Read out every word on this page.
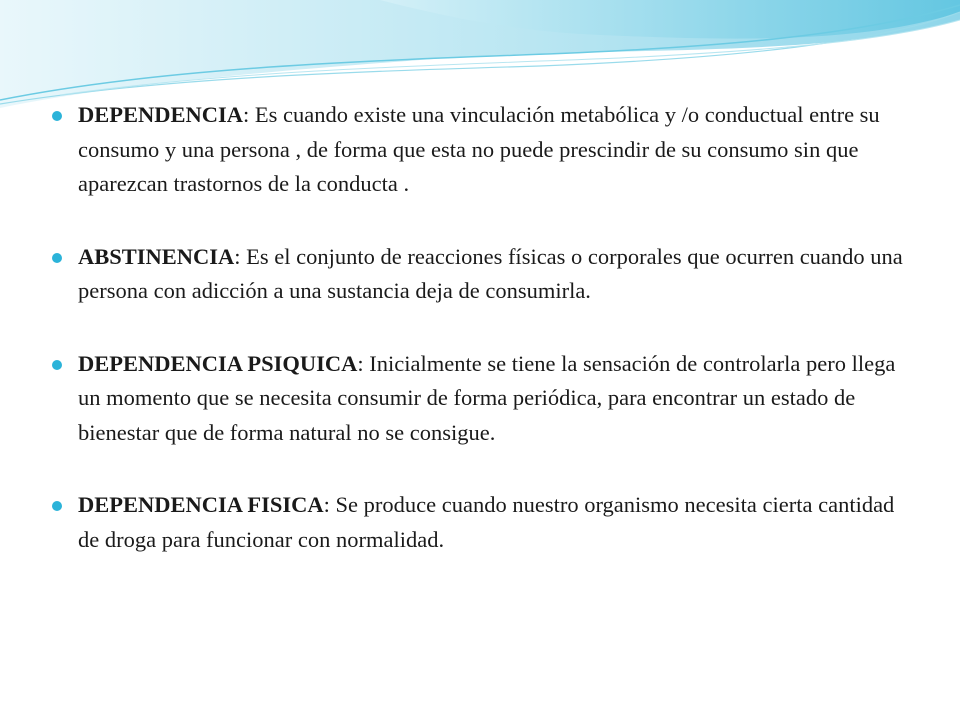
DEPENDENCIA: Es cuando existe una vinculación metabólica y /o conductual entre su consumo y una persona , de forma que esta no puede prescindir de su consumo sin que aparezcan trastornos de la conducta .
ABSTINENCIA: Es el conjunto de reacciones físicas o corporales que ocurren cuando una persona con adicción a una sustancia deja de consumirla.
DEPENDENCIA PSIQUICA: Inicialmente se tiene la sensación de controlarla pero llega un momento que se necesita consumir de forma periódica, para encontrar un estado de bienestar que de forma natural no se consigue.
DEPENDENCIA FISICA: Se produce cuando nuestro organismo necesita cierta cantidad de droga para funcionar con normalidad.
